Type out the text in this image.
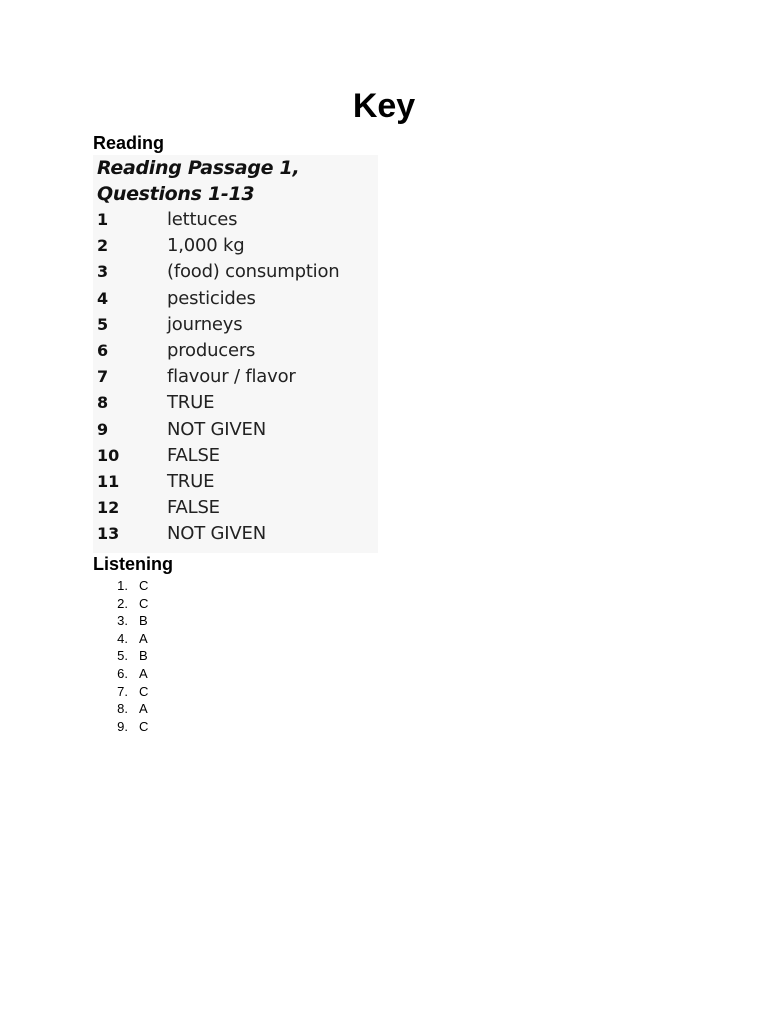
Key
Reading
Reading Passage 1,
Questions 1-13
1	lettuces
2	1,000 kg
3	(food) consumption
4	pesticides
5	journeys
6	producers
7	flavour / flavor
8	TRUE
9	NOT GIVEN
10	FALSE
11	TRUE
12	FALSE
13	NOT GIVEN
Listening
1. C
2. C
3. B
4. A
5. B
6. A
7. C
8. A
9. C
